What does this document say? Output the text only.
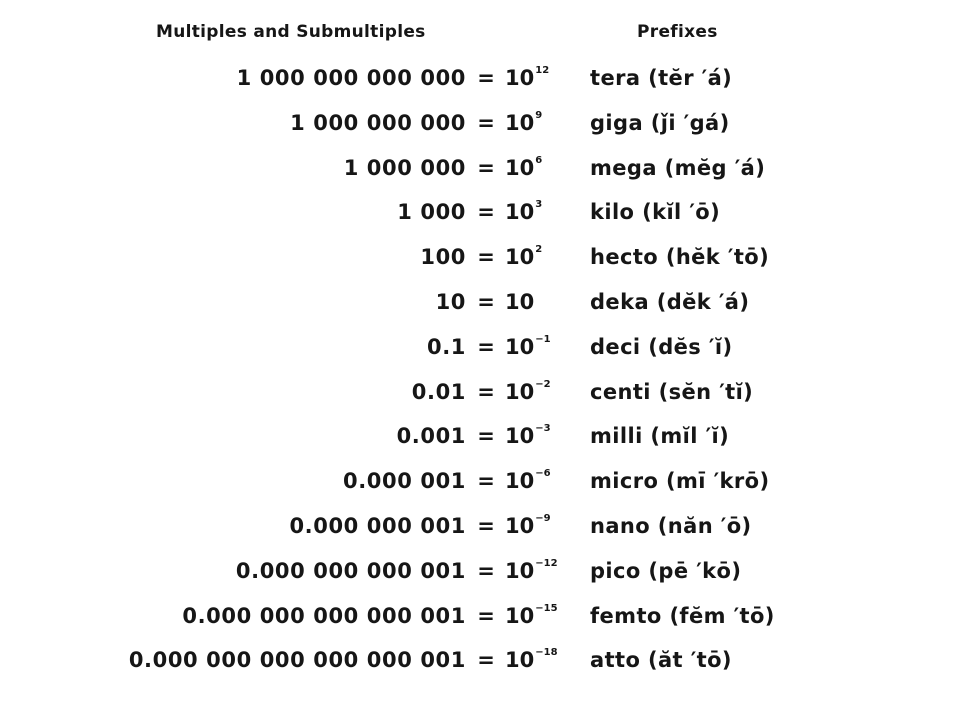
Multiples and Submultiples	Prefixes
1 000 000 000 $000 = 10^{12}$ tera (tĕr ′á)
1 000 000 $000 = 10^9$ giga (ǰi ′gá)
1 000 $000 = 10^6$ mega (mĕg ′á)
1 $000 = 10^3$ kilo (kĭl ′ō)
$100 = 10^2$ hecto (hĕk ′tō)
10 = 10	deka (dĕk ′á)
$0.1 = 10^{-1}$ deci (dĕs ′ĭ)
$0.01 = 10^{-2}$ centi (sĕn ′tĭ)
$0.001 = 10^{-3}$ milli (mĭl ′ĭ)
0.000 $001 = 10^{-6}$ micro (mī ′krō)
0.000 000 $001 = 10^{-9}$ nano (năn ′ō)
0.000 000 000 $001 = 10^{-12}$ pico (pē ′kō)
0.000 000 000 000 $001 = 10^{-15}$ femto (fĕm ′tō)
0.000 000 000 000 000 $001 = 10^{-18}$ atto (ăt ′tō)
